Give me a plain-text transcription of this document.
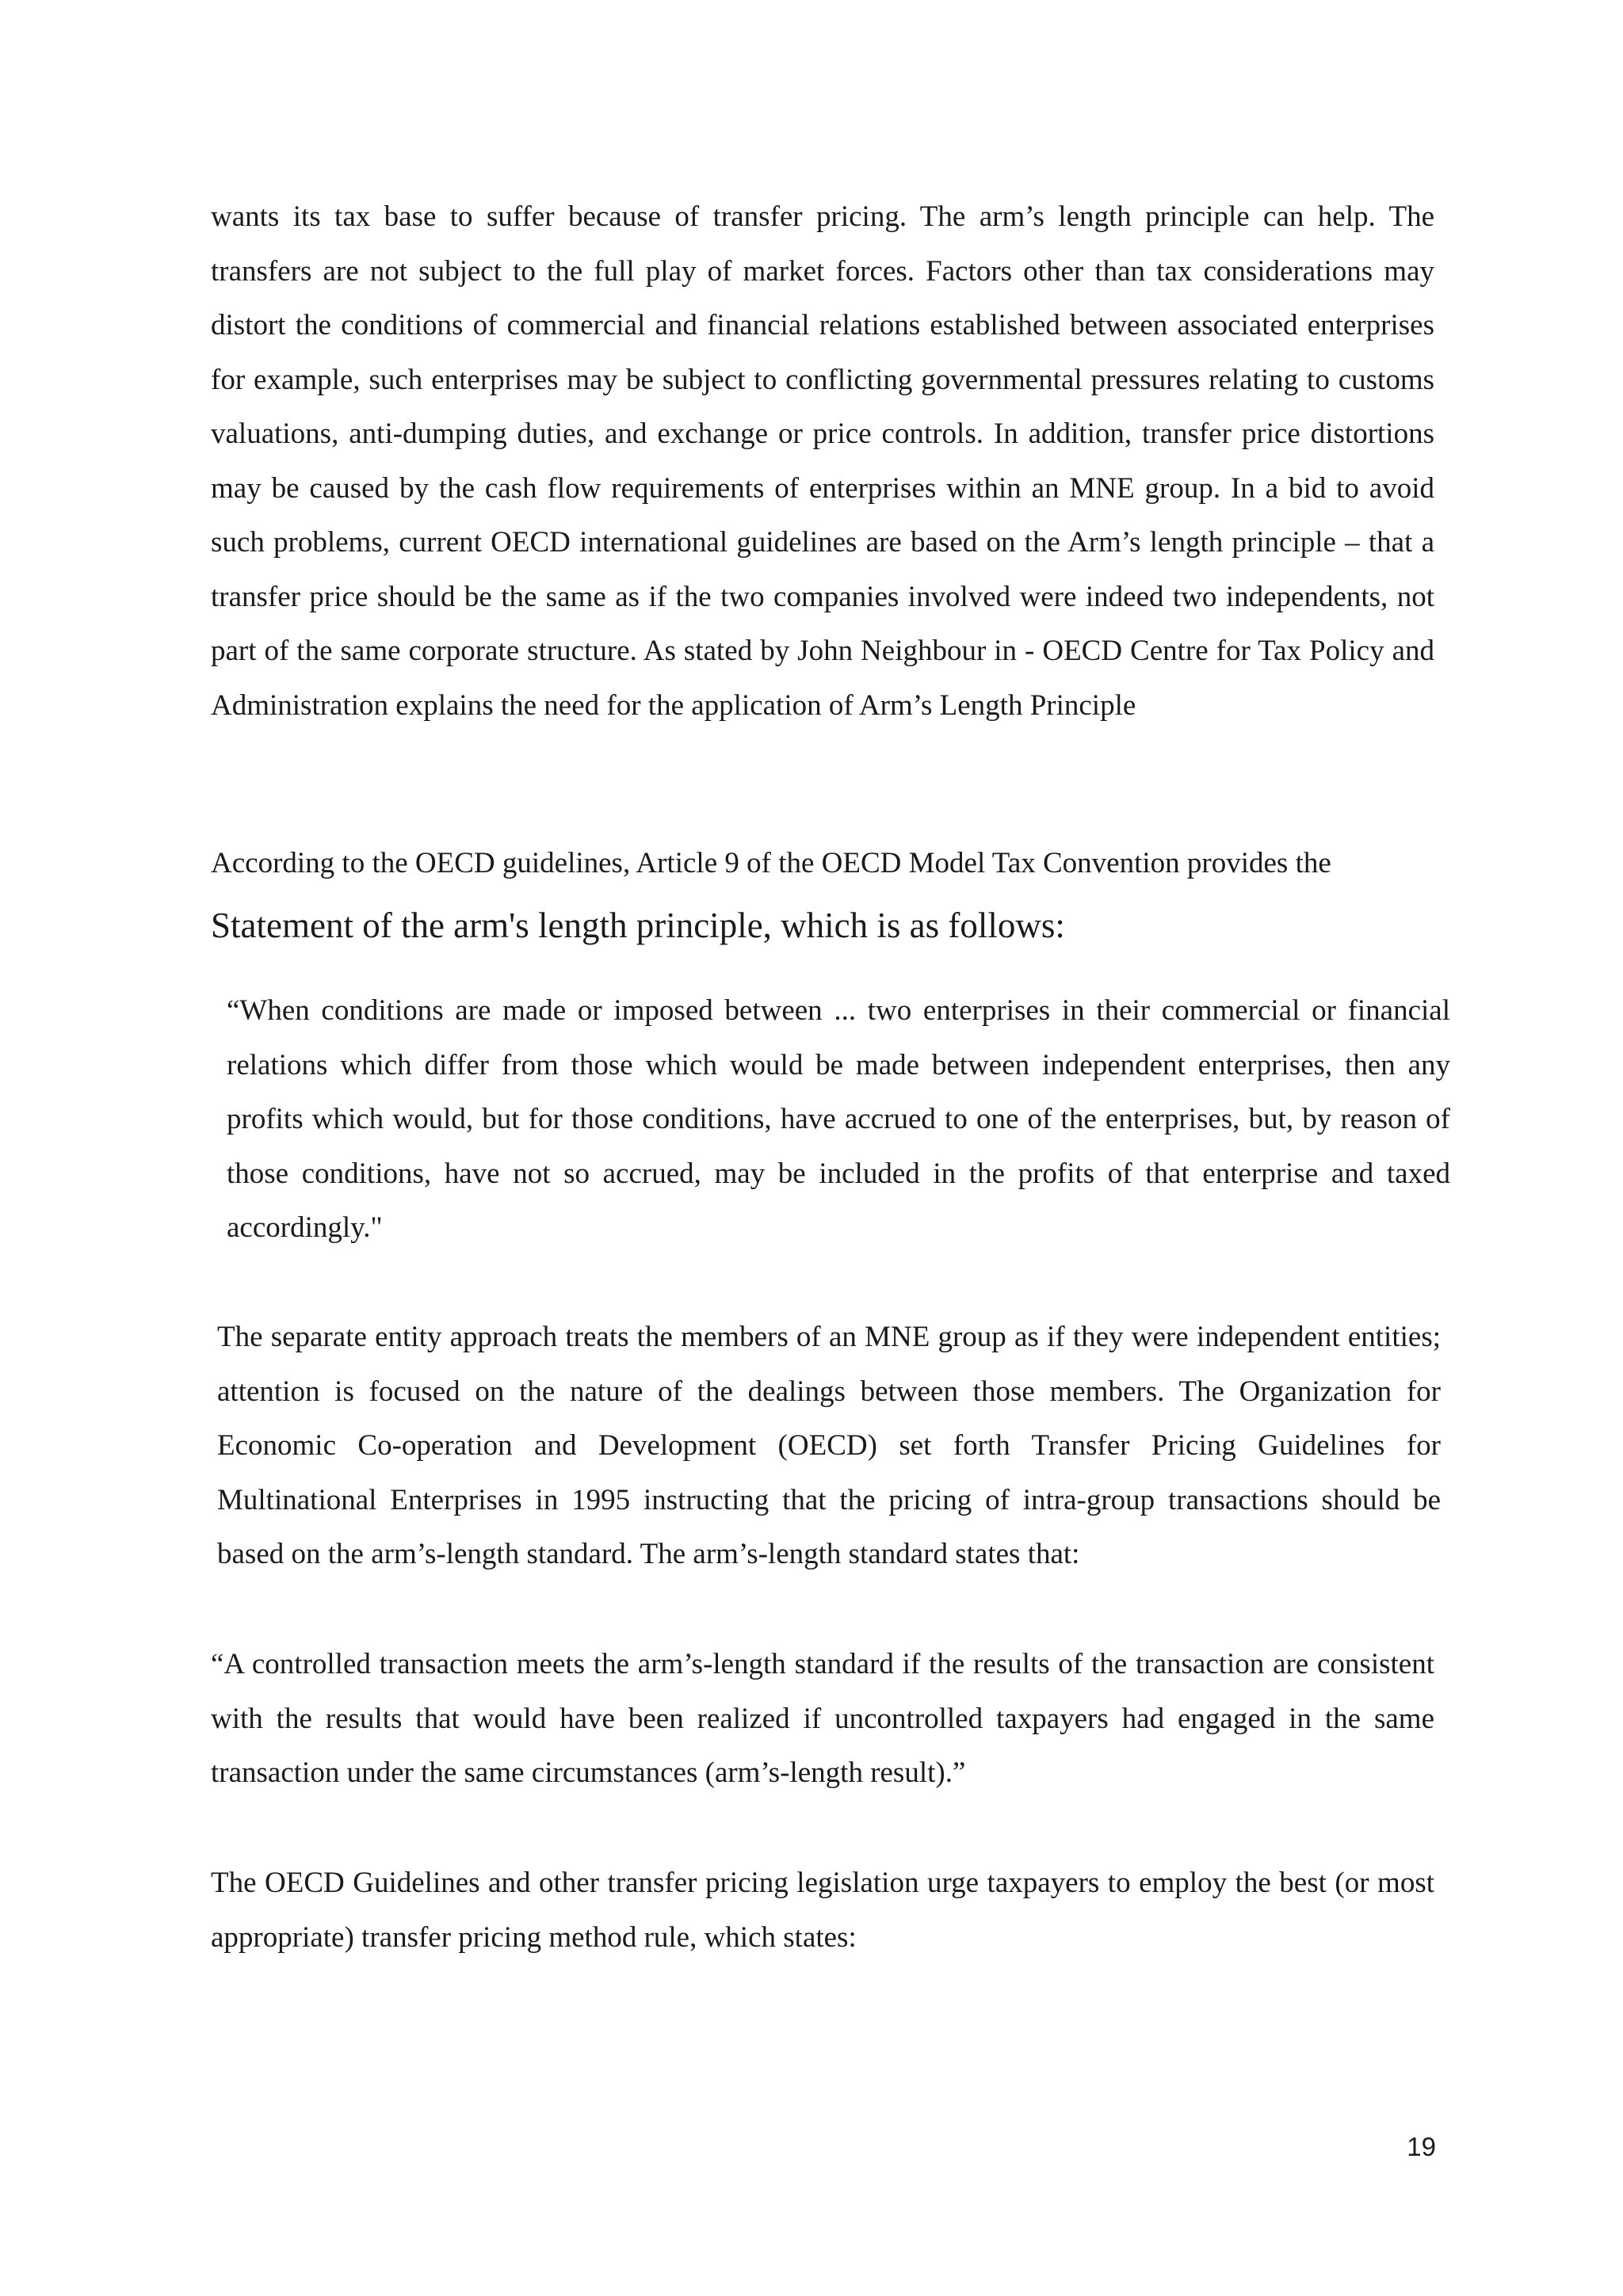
wants its tax base to suffer because of transfer pricing. The arm’s length principle can help. The transfers are not subject to the full play of market forces. Factors other than tax considerations may distort the conditions of commercial and financial relations established between associated enterprises for example, such enterprises may be subject to conflicting governmental pressures relating to customs valuations, anti-dumping duties, and exchange or price controls. In addition, transfer price distortions may be caused by the cash flow requirements of enterprises within an MNE group. In a bid to avoid such problems, current OECD international guidelines are based on the Arm’s length principle – that a transfer price should be the same as if the two companies involved were indeed two independents, not part of the same corporate structure. As stated by John Neighbour in - OECD Centre for Tax Policy and Administration explains the need for the application of Arm’s Length Principle

According to the OECD guidelines, Article 9 of the OECD Model Tax Convention provides the Statement of the arm's length principle, which is as follows:

“When conditions are made or imposed between ... two enterprises in their commercial or financial relations which differ from those which would be made between independent enterprises, then any profits which would, but for those conditions, have accrued to one of the enterprises, but, by reason of those conditions, have not so accrued, may be included in the profits of that enterprise and taxed accordingly."

The separate entity approach treats the members of an MNE group as if they were independent entities; attention is focused on the nature of the dealings between those members. The Organization for Economic Co-operation and Development (OECD) set forth Transfer Pricing Guidelines for Multinational Enterprises in 1995 instructing that the pricing of intra-group transactions should be based on the arm’s-length standard. The arm’s-length standard states that:

“A controlled transaction meets the arm’s-length standard if the results of the transaction are consistent with the results that would have been realized if uncontrolled taxpayers had engaged in the same transaction under the same circumstances (arm’s-length result).”

The OECD Guidelines and other transfer pricing legislation urge taxpayers to employ the best (or most appropriate) transfer pricing method rule, which states:

19
